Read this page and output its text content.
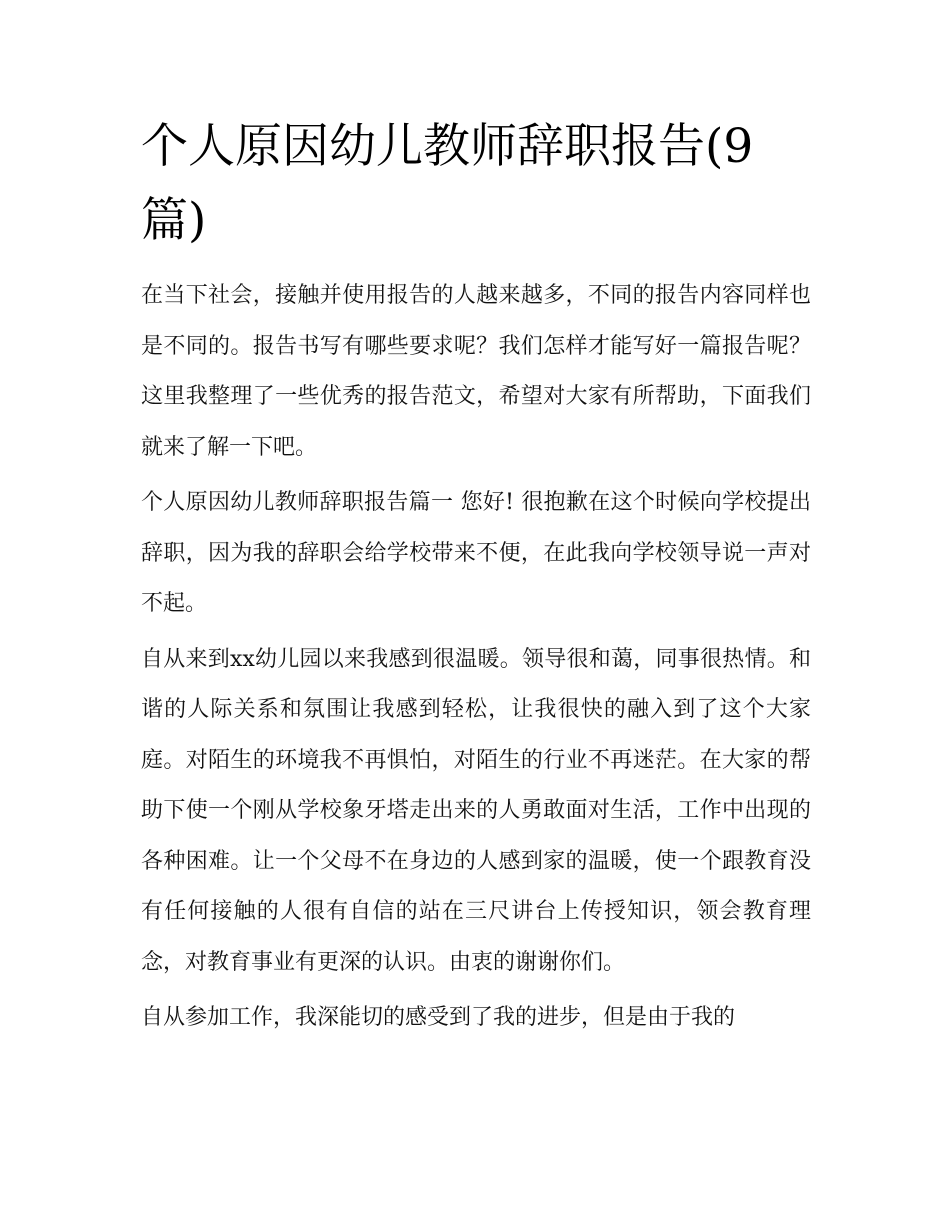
个人原因幼儿教师辞职报告(9篇)

在当下社会，接触并使用报告的人越来越多，不同的报告内容同样也是不同的。报告书写有哪些要求呢？我们怎样才能写好一篇报告呢？这里我整理了一些优秀的报告范文，希望对大家有所帮助，下面我们就来了解一下吧。

个人原因幼儿教师辞职报告篇一 您好! 很抱歉在这个时候向学校提出辞职，因为我的辞职会给学校带来不便，在此我向学校领导说一声对不起。

自从来到xx幼儿园以来我感到很温暖。领导很和蔼，同事很热情。和谐的人际关系和氛围让我感到轻松，让我很快的融入到了这个大家庭。对陌生的环境我不再惧怕，对陌生的行业不再迷茫。在大家的帮助下使一个刚从学校象牙塔走出来的人勇敢面对生活，工作中出现的各种困难。让一个父母不在身边的人感到家的温暖，使一个跟教育没有任何接触的人很有自信的站在三尺讲台上传授知识，领会教育理念，对教育事业有更深的认识。由衷的谢谢你们。

自从参加工作，我深能切的感受到了我的进步，但是由于我的
